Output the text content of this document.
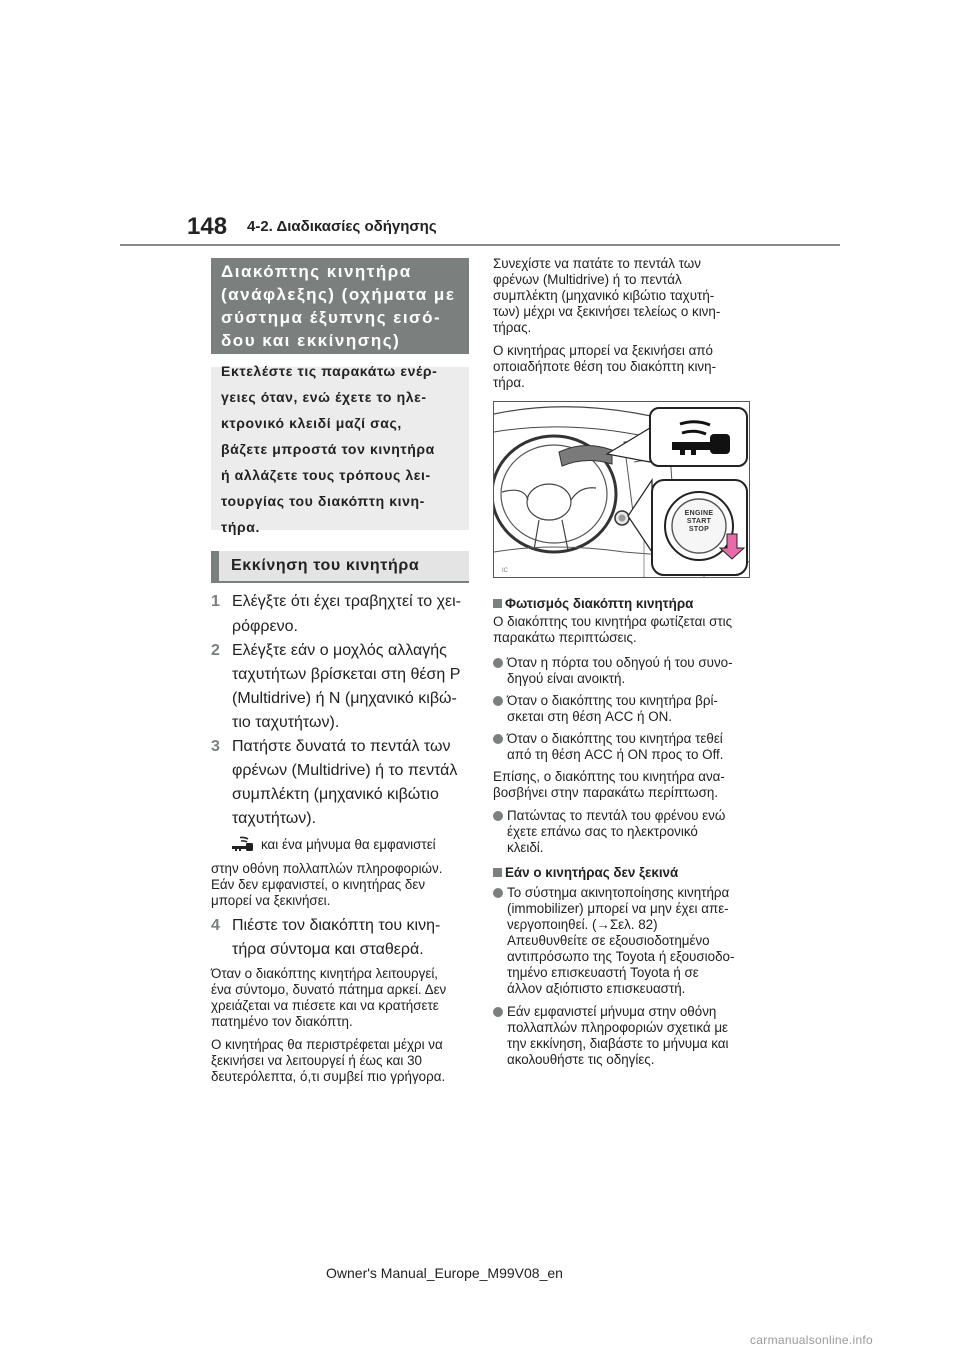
148 4-2. Διαδικασίες οδήγησης
Διακόπτης κινητήρα
(ανάφλεξης) (οχήματα με
σύστημα έξυπνης εισό-
δου και εκκίνησης)
Εκτελέστε τις παρακάτω ενέρ-
γειες όταν, ενώ έχετε το ηλε-
κτρονικό κλειδί μαζί σας,
βάζετε μπροστά τον κινητήρα
ή αλλάζετε τους τρόπους λει-
τουργίας του διακόπτη κινη-
τήρα.
Εκκίνηση του κινητήρα
1 Ελέγξτε ότι έχει τραβηχτεί το χει-
ρόφρενο.
2 Ελέγξτε εάν ο μοχλός αλλαγής
ταχυτήτων βρίσκεται στη θέση P
(Multidrive) ή N (μηχανικό κιβώ-
τιο ταχυτήτων).
3 Πατήστε δυνατά το πεντάλ των
φρένων (Multidrive) ή το πεντάλ
συμπλέκτη (μηχανικό κιβώτιο
ταχυτήτων).
και ένα μήνυμα θα εμφανιστεί
στην οθόνη πολλαπλών πληροφοριών.
Εάν δεν εμφανιστεί, ο κινητήρας δεν
μπορεί να ξεκινήσει.
4 Πιέστε τον διακόπτη του κινη-
τήρα σύντομα και σταθερά.
Όταν ο διακόπτης κινητήρα λειτουργεί,
ένα σύντομο, δυνατό πάτημα αρκεί. Δεν
χρειάζεται να πιέσετε και να κρατήσετε
πατημένο τον διακόπτη.
Ο κινητήρας θα περιστρέφεται μέχρι να
ξεκινήσει να λειτουργεί ή έως και 30
δευτερόλεπτα, ό,τι συμβεί πιο γρήγορα.
Συνεχίστε να πατάτε το πεντάλ των
φρένων (Multidrive) ή το πεντάλ
συμπλέκτη (μηχανικό κιβώτιο ταχυτή-
των) μέχρι να ξεκινήσει τελείως ο κινη-
τήρας.
Ο κινητήρας μπορεί να ξεκινήσει από
οποιαδήποτε θέση του διακόπτη κινη-
τήρα.
IC
ENGINE
START
STOP
Φωτισμός διακόπτη κινητήρα
Ο διακόπτης του κινητήρα φωτίζεται στις
παρακάτω περιπτώσεις.
Όταν η πόρτα του οδηγού ή του συνο-
δηγού είναι ανοικτή.
Όταν ο διακόπτης του κινητήρα βρί-
σκεται στη θέση ACC ή ON.
Όταν ο διακόπτης του κινητήρα τεθεί
από τη θέση ACC ή ON προς το Off.
Επίσης, ο διακόπτης του κινητήρα ανα-
βοσβήνει στην παρακάτω περίπτωση.
Πατώντας το πεντάλ του φρένου ενώ
έχετε επάνω σας το ηλεκτρονικό
κλειδί.
Εάν ο κινητήρας δεν ξεκινά
Το σύστημα ακινητοποίησης κινητήρα
(immobilizer) μπορεί να μην έχει απε-
νεργοποιηθεί. (→Σελ. 82)
Απευθυνθείτε σε εξουσιοδοτημένο
αντιπρόσωπο της Toyota ή εξουσιοδο-
τημένο επισκευαστή Toyota ή σε
άλλον αξιόπιστο επισκευαστή.
Εάν εμφανιστεί μήνυμα στην οθόνη
πολλαπλών πληροφοριών σχετικά με
την εκκίνηση, διαβάστε το μήνυμα και
ακολουθήστε τις οδηγίες.
Owner's Manual_Europe_M99V08_en
carmanualsonline.info
